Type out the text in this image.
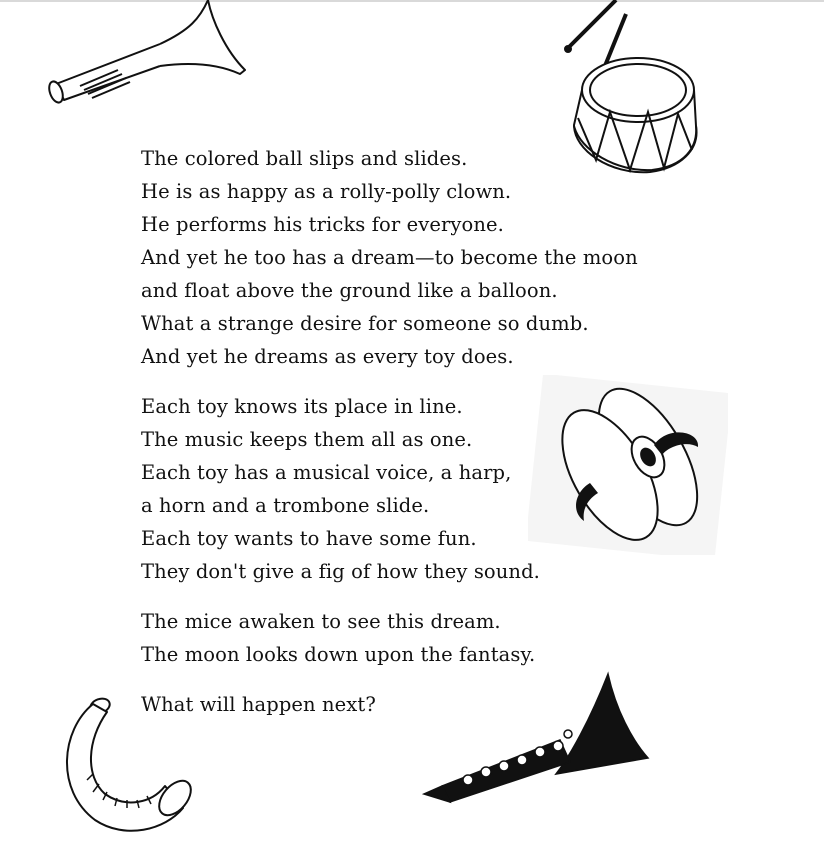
The colored ball slips and slides.
He is as happy as a rolly-polly clown.
He performs his tricks for everyone.
And yet he too has a dream—to become the moon
and float above the ground like a balloon.
What a strange desire for someone so dumb.
And yet he dreams as every toy does.
Each toy knows its place in line.
The music keeps them all as one.
Each toy has a musical voice, a harp,
a horn and a trombone slide.
Each toy wants to have some fun.
They don't give a fig of how they sound.
The mice awaken to see this dream.
The moon looks down upon the fantasy.
What will happen next?
